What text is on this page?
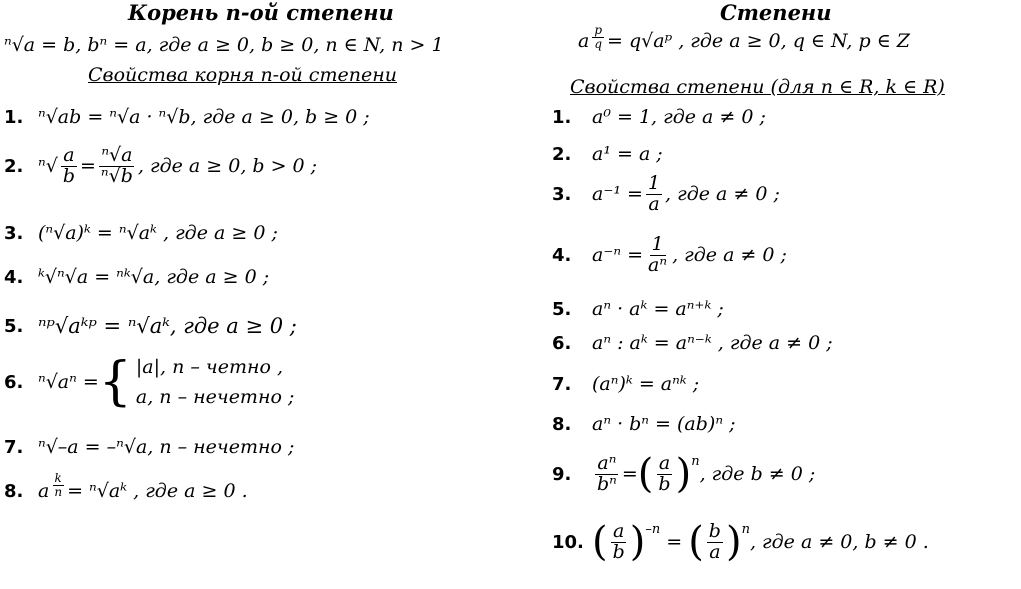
Корень n-ой степени
ⁿ√a = b, bⁿ = a, где a ≥ 0, b ≥ 0, n ∈ N, n > 1
Свойства корня n-ой степени
1. ⁿ√ab = ⁿ√a · ⁿ√b, где a ≥ 0, b ≥ 0 ;
2. $^n√ \frac{a}{b} = \frac{\text{ⁿ√a}}{\text{ⁿ√b}}$ , где a ≥ 0, b > 0 ;
3. (ⁿ√a)ᵏ = ⁿ√aᵏ , где a ≥ 0 ;
4. ᵏ√ⁿ√a = ⁿᵏ√a, где a ≥ 0 ;
5. ⁿᵖ√aᵏᵖ = ⁿ√aᵏ, где a ≥ 0 ;
6. ⁿ√aⁿ = { |a|, n – четно ,
a, n – нечетно ;
7. ⁿ√–a = –ⁿ√a, n – нечетно ;
8. a $\frac{k}{n}$ = ⁿ√aᵏ , где a ≥ 0 .
Степени
a $\frac{p}{q}$ = q√aᵖ , где a ≥ 0, q ∈ N, p ∈ Z
Свойства степени (для n ∈ R, k ∈ R)
1.	a⁰ = 1, где a ≠ 0 ;
2.	a¹ = a ;
3.	$a^{-1} = \frac{1}{a}$ , где a ≠ 0 ;
4.	$a^{-n} = \frac{1}{\text{aⁿ}}$ , где a ≠ 0 ;
5.	aⁿ · aᵏ = aⁿ⁺ᵏ ;
6.	aⁿ : aᵏ = aⁿ⁻ᵏ , где a ≠ 0 ;
7.	(aⁿ)ᵏ = aⁿᵏ ;
8.	aⁿ · bⁿ = (ab)ⁿ ;
9.	$\frac{\text{aⁿ}}{\text{bⁿ}}$ = ( $\frac{a}{b}$ ) n
, где b ≠ 0 ;
10. ( $\frac{a}{b}$ ) –n
= ( $\frac{b}{a}$ ) n
, где a ≠ 0, b ≠ 0 .
